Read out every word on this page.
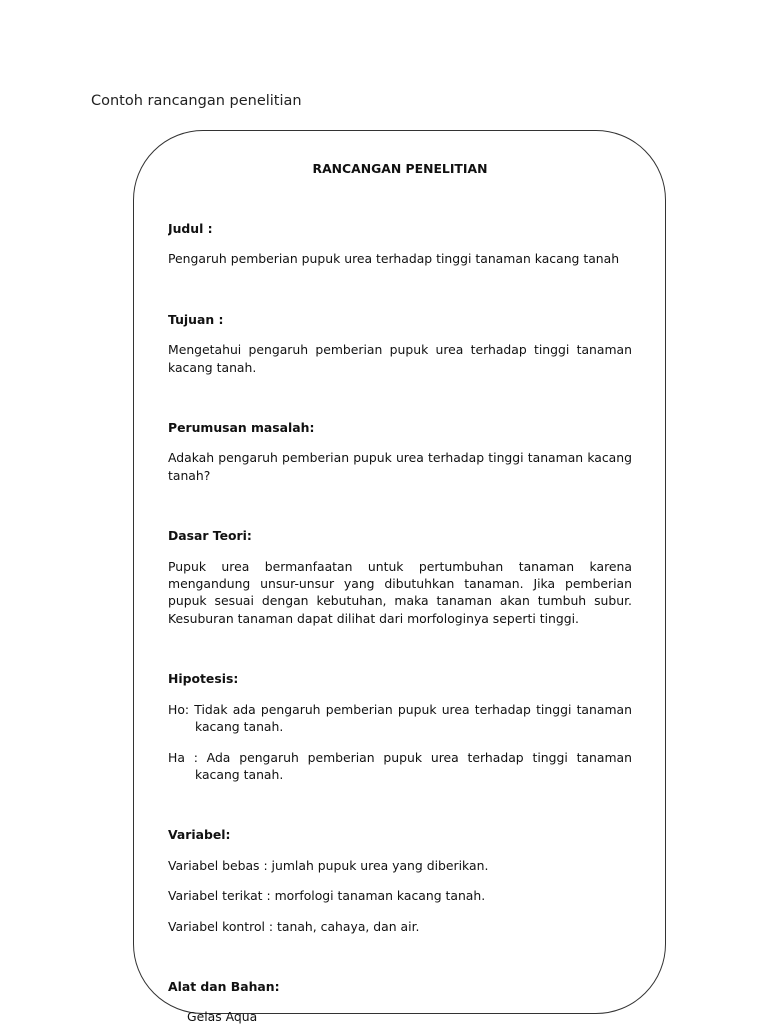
Contoh rancangan penelitian

RANCANGAN PENELITIAN

Judul :

Pengaruh pemberian pupuk urea terhadap tinggi tanaman kacang tanah

Tujuan :

Mengetahui pengaruh pemberian pupuk urea terhadap tinggi tanaman kacang tanah.

Perumusan masalah:

Adakah pengaruh pemberian pupuk urea terhadap tinggi tanaman kacang tanah?

Dasar Teori:

Pupuk urea bermanfaatan untuk pertumbuhan tanaman karena mengandung unsur-unsur yang dibutuhkan tanaman. Jika pemberian pupuk sesuai dengan kebutuhan, maka tanaman akan tumbuh subur. Kesuburan tanaman dapat dilihat dari morfologinya seperti tinggi.

Hipotesis:

Ho: Tidak ada pengaruh pemberian pupuk urea terhadap tinggi tanaman kacang tanah.

Ha : Ada pengaruh pemberian pupuk urea terhadap tinggi tanaman kacang tanah.

Variabel:

Variabel bebas : jumlah pupuk urea yang diberikan.

Variabel terikat : morfologi tanaman kacang tanah.

Variabel kontrol : tanah, cahaya, dan air.

Alat dan Bahan:

Gelas Aqua
